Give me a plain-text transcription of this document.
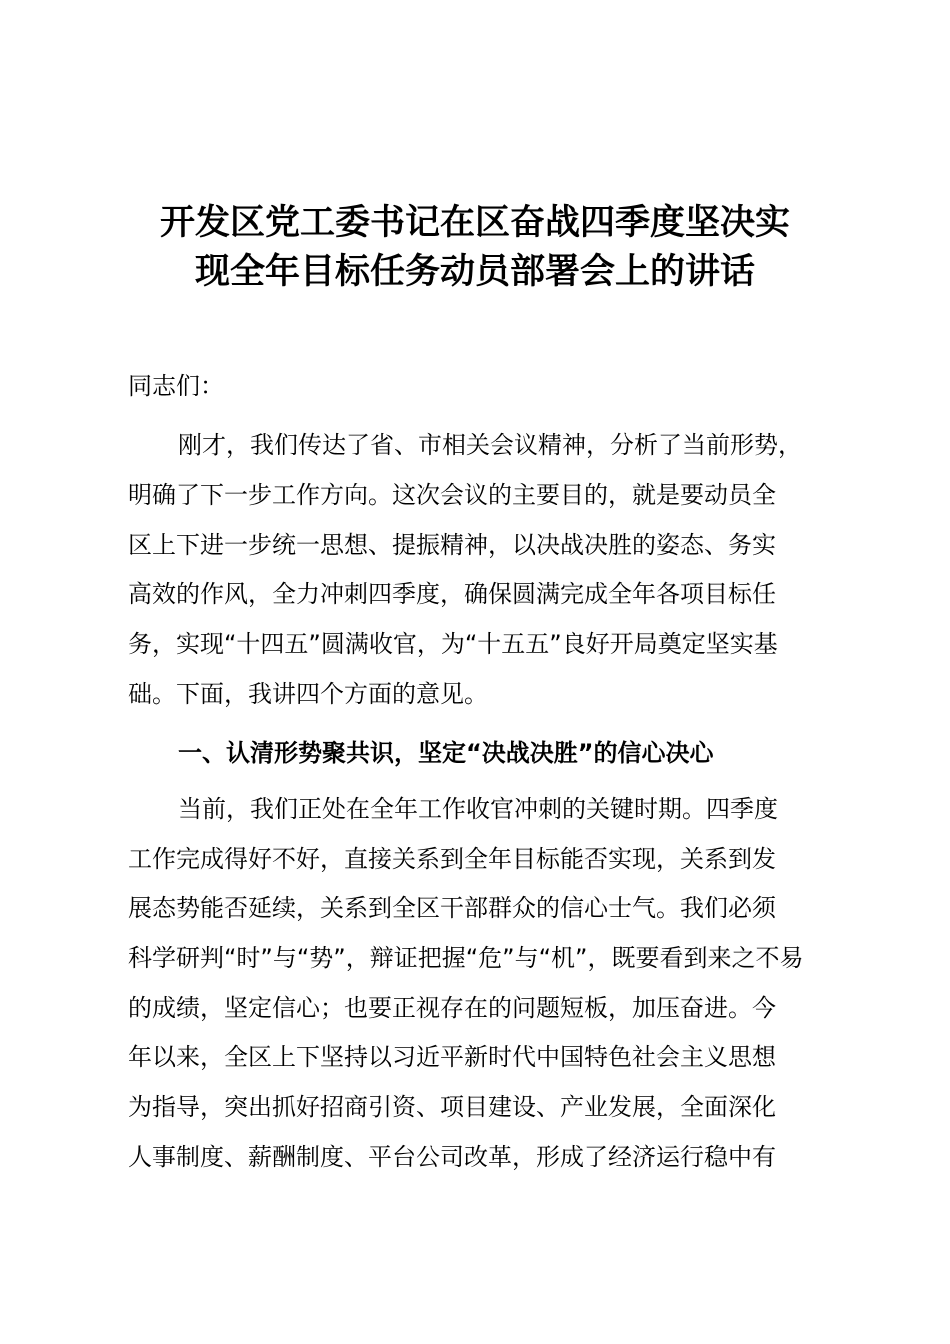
开发区党工委书记在区奋战四季度坚决实
现全年目标任务动员部署会上的讲话

同志们：

刚才，我们传达了省、市相关会议精神，分析了当前形势，

明确了下一步工作方向。这次会议的主要目的，就是要动员全

区上下进一步统一思想、提振精神，以决战决胜的姿态、务实

高效的作风，全力冲刺四季度，确保圆满完成全年各项目标任

务，实现“十四五”圆满收官，为“十五五”良好开局奠定坚实基

础。下面，我讲四个方面的意见。

一、认清形势聚共识，坚定“决战决胜”的信心决心

当前，我们正处在全年工作收官冲刺的关键时期。四季度

工作完成得好不好，直接关系到全年目标能否实现，关系到发

展态势能否延续，关系到全区干部群众的信心士气。我们必须

科学研判“时”与“势”，辩证把握“危”与“机”，既要看到来之不易

的成绩，坚定信心；也要正视存在的问题短板，加压奋进。今

年以来，全区上下坚持以习近平新时代中国特色社会主义思想

为指导，突出抓好招商引资、项目建设、产业发展，全面深化

人事制度、薪酬制度、平台公司改革，形成了经济运行稳中有
